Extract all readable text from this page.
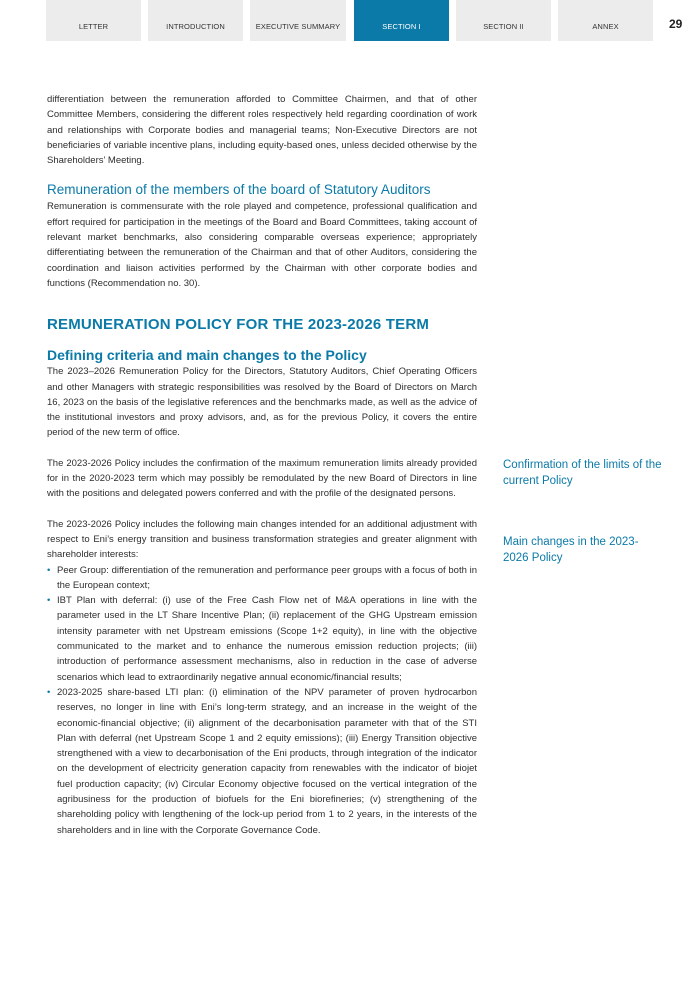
LETTER	INTRODUCTION	EXECUTIVE SUMMARY	SECTION I	SECTION II	ANNEX	29

differentiation between the remuneration afforded to Committee Chairmen, and that of other Committee Members, considering the different roles respectively held regarding coordination of work and relationships with Corporate bodies and managerial teams; Non-Executive Directors are not beneficiaries of variable incentive plans, including equity-based ones, unless decided otherwise by the Shareholders’ Meeting.

Remuneration of the members of the board of Statutory Auditors

Remuneration is commensurate with the role played and competence, professional qualification and effort required for participation in the meetings of the Board and Board Committees, taking account of relevant market benchmarks, also considering comparable overseas experience; appropriately differentiating between the remuneration of the Chairman and that of other Auditors, considering the coordination and liaison activities performed by the Chairman with other corporate bodies and functions (Recommendation no. 30).

REMUNERATION POLICY FOR THE 2023-2026 TERM
Defining criteria and main changes to the Policy

The 2023–2026 Remuneration Policy for the Directors, Statutory Auditors, Chief Operating Officers and other Managers with strategic responsibilities was resolved by the Board of Directors on March 16, 2023 on the basis of the legislative references and the benchmarks made, as well as the advice of the institutional investors and proxy advisors, and, as for the previous Policy, it covers the entire period of the new term of office.

The 2023-2026 Policy includes the confirmation of the maximum remuneration limits already provided for in the 2020-2023 term which may possibly be remodulated by the new Board of Directors in line with the positions and delegated powers conferred and with the profile of the designated persons.

The 2023-2026 Policy includes the following main changes intended for an additional adjustment with respect to Eni’s energy transition and business transformation strategies and greater alignment with shareholder interests:

• Peer Group: differentiation of the remuneration and performance peer groups with a focus of both in the European context;
• IBT Plan with deferral: (i) use of the Free Cash Flow net of M&A operations in line with the parameter used in the LT Share Incentive Plan; (ii) replacement of the GHG Upstream emission intensity parameter with net Upstream emissions (Scope 1+2 equity), in line with the objective communicated to the market and to enhance the numerous emission reduction projects; (iii) introduction of performance assessment mechanisms, also in reduction in the case of adverse scenarios which lead to extraordinarily negative annual economic/financial results;
• 2023-2025 share-based LTI plan: (i) elimination of the NPV parameter of proven hydrocarbon reserves, no longer in line with Eni’s long-term strategy, and an increase in the weight of the economic-financial objective; (ii) alignment of the decarbonisation parameter with that of the STI Plan with deferral (net Upstream Scope 1 and 2 equity emissions); (iii) Energy Transition objective strengthened with a view to decarbonisation of the Eni products, through integration of the indicator on the development of electricity generation capacity from renewables with the indicator of biojet fuel production capacity; (iv) Circular Economy objective focused on the vertical integration of the agribusiness for the production of biofuels for the Eni biorefineries; (v) strengthening of the shareholding policy with lengthening of the lock-up period from 1 to 2 years, in the interests of the shareholders and in line with the Corporate Governance Code.
Confirmation of the limits of the current Policy
Main changes in the 2023-2026 Policy
